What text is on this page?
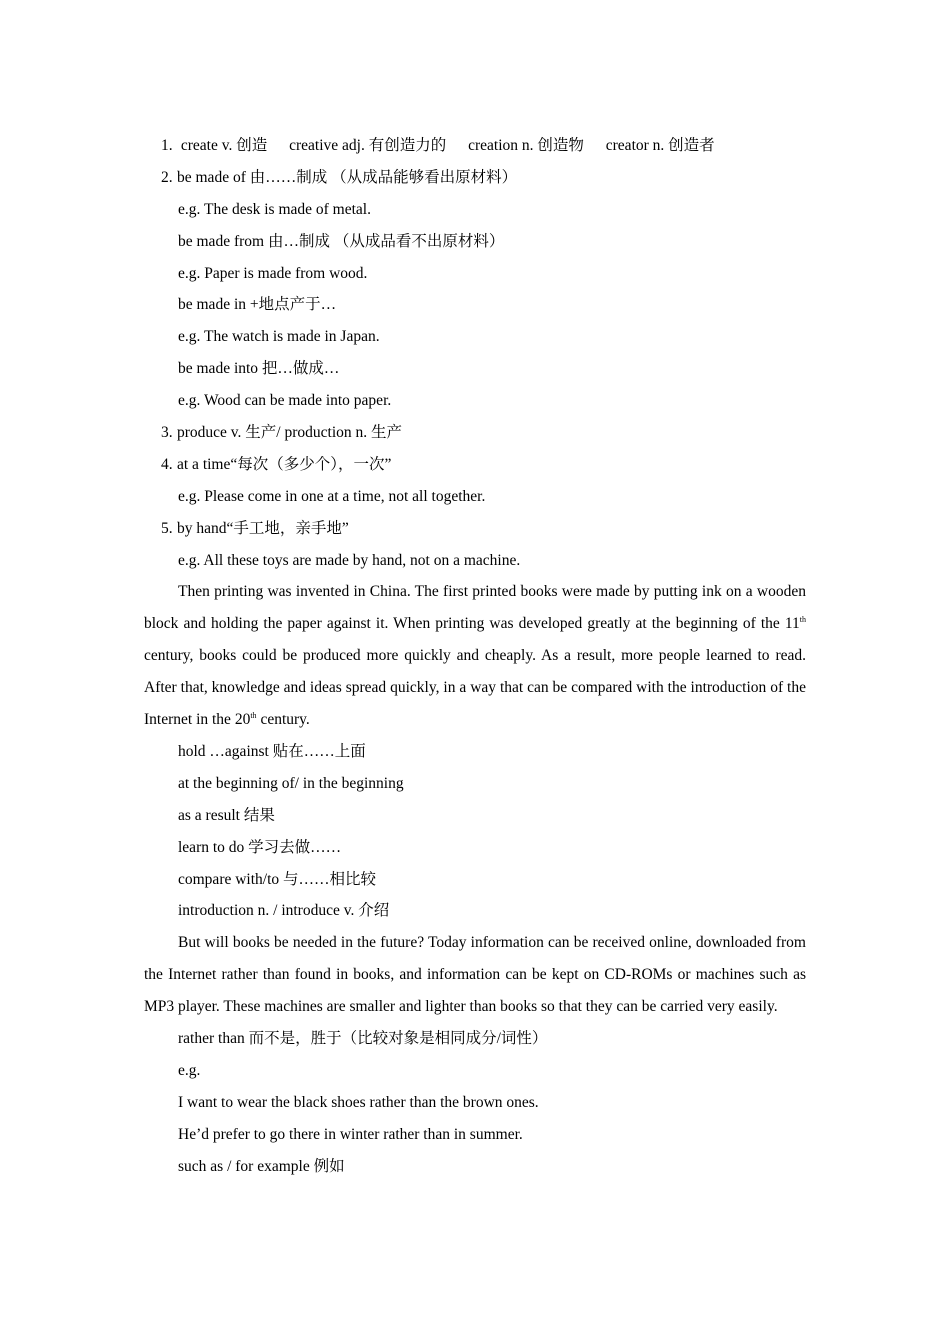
1. create v. 创造 creative adj. 有创造力的 creation n. 创造物 creator n. 创造者
2. be made of 由……制成 （从成品能够看出原材料）
e.g. The desk is made of metal.
be made from 由…制成 （从成品看不出原材料）
e.g. Paper is made from wood.
be made in +地点产于…
e.g. The watch is made in Japan.
be made into 把…做成…
e.g. Wood can be made into paper.
3. produce v. 生产/ production n. 生产
4. at a time“每次（多少个），一次”
e.g. Please come in one at a time, not all together.
5. by hand“手工地，亲手地”
e.g. All these toys are made by hand, not on a machine.

Then printing was invented in China. The first printed books were made by putting ink on a wooden block and holding the paper against it. When printing was developed greatly at the beginning of the 11th century, books could be produced more quickly and cheaply. As a result, more people learned to read. After that, knowledge and ideas spread quickly, in a way that can be compared with the introduction of the Internet in the 20th century.

hold …against 贴在……上面
at the beginning of/ in the beginning
as a result 结果
learn to do 学习去做……
compare with/to 与……相比较
introduction n. / introduce v. 介绍

But will books be needed in the future? Today information can be received online, downloaded from the Internet rather than found in books, and information can be kept on CD-ROMs or machines such as MP3 player. These machines are smaller and lighter than books so that they can be carried very easily.

rather than 而不是，胜于（比较对象是相同成分/词性）
e.g.
I want to wear the black shoes rather than the brown ones.
He’d prefer to go there in winter rather than in summer.
such as / for example 例如
